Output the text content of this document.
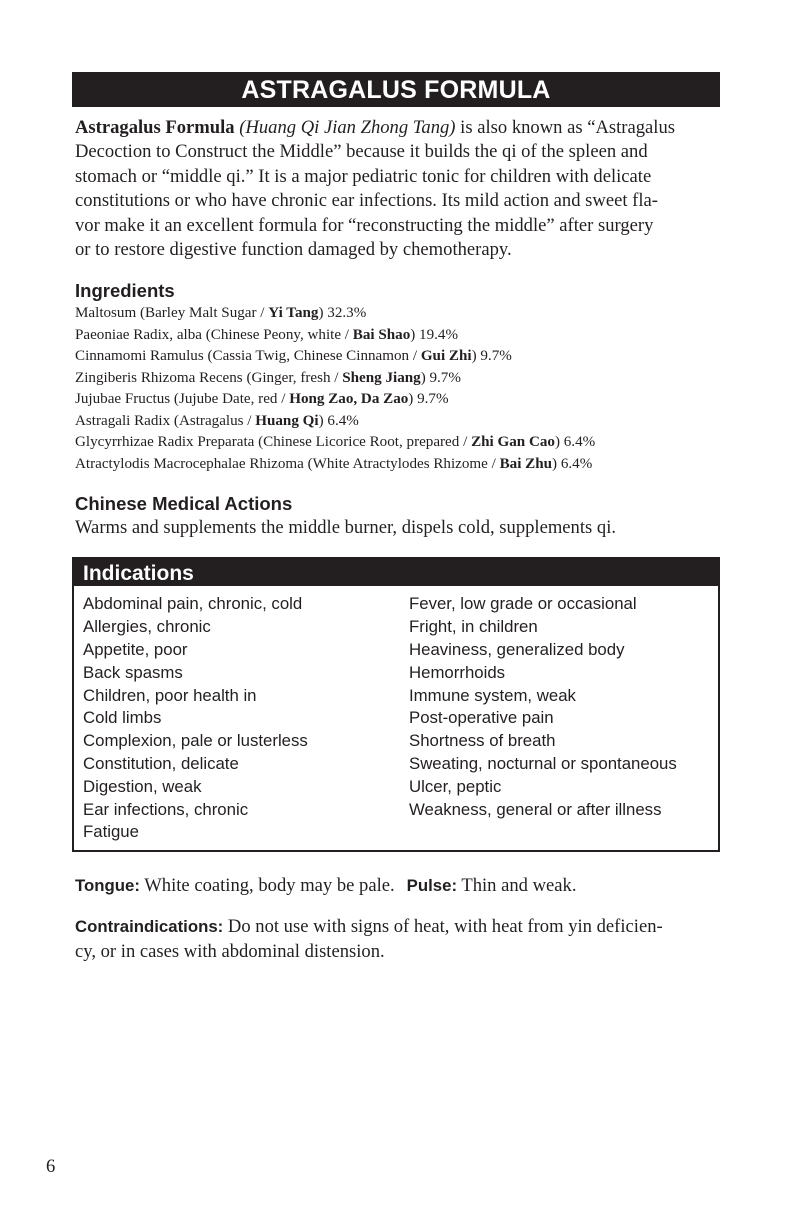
ASTRAGALUS FORMULA
Astragalus Formula (Huang Qi Jian Zhong Tang) is also known as “Astragalus
Decoction to Construct the Middle” because it builds the qi of the spleen and
stomach or “middle qi.” It is a major pediatric tonic for children with delicate
constitutions or who have chronic ear infections. Its mild action and sweet fla-
vor make it an excellent formula for “reconstructing the middle” after surgery
or to restore digestive function damaged by chemotherapy.
Ingredients
Maltosum (Barley Malt Sugar / Yi Tang) 32.3%
Paeoniae Radix, alba (Chinese Peony, white / Bai Shao) 19.4%
Cinnamomi Ramulus (Cassia Twig, Chinese Cinnamon / Gui Zhi) 9.7%
Zingiberis Rhizoma Recens (Ginger, fresh / Sheng Jiang) 9.7%
Jujubae Fructus (Jujube Date, red / Hong Zao, Da Zao) 9.7%
Astragali Radix (Astragalus / Huang Qi) 6.4%
Glycyrrhizae Radix Preparata (Chinese Licorice Root, prepared / Zhi Gan Cao) 6.4%
Atractylodis Macrocephalae Rhizoma (White Atractylodes Rhizome / Bai Zhu) 6.4%
Chinese Medical Actions
Warms and supplements the middle burner, dispels cold, supplements qi.
Indications
Abdominal pain, chronic, cold
Allergies, chronic
Appetite, poor
Back spasms
Children, poor health in
Cold limbs
Complexion, pale or lusterless
Constitution, delicate
Digestion, weak
Ear infections, chronic
Fatigue
Fever, low grade or occasional
Fright, in children
Heaviness, generalized body
Hemorrhoids
Immune system, weak
Post-operative pain
Shortness of breath
Sweating, nocturnal or spontaneous
Ulcer, peptic
Weakness, general or after illness
Tongue: White coating, body may be pale. Pulse: Thin and weak.
Contraindications: Do not use with signs of heat, with heat from yin deficien-
cy, or in cases with abdominal distension.
6
